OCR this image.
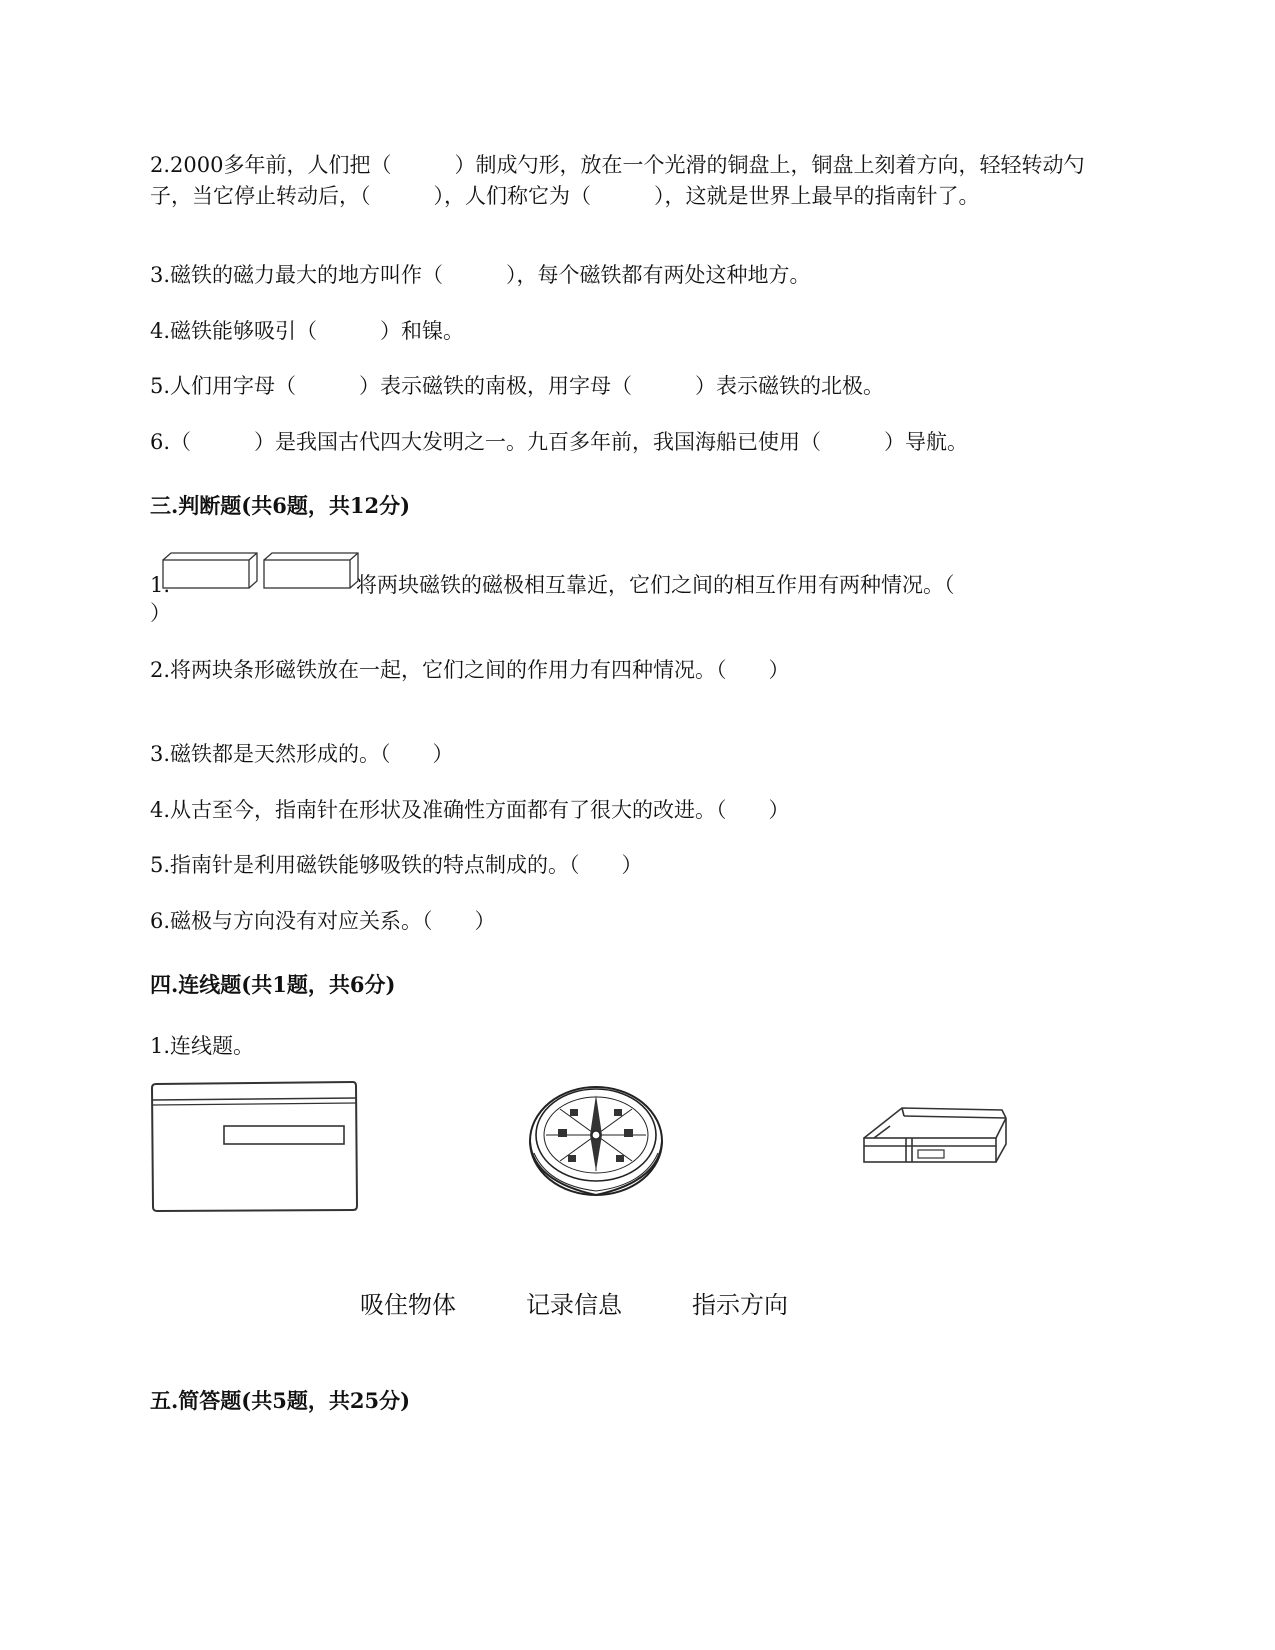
2.2000多年前，人们把（　　　）制成勺形，放在一个光滑的铜盘上，铜盘上刻着方向，轻轻转动勺子，当它停止转动后，（　　　），人们称它为（　　　），这就是世界上最早的指南针了。

3.磁铁的磁力最大的地方叫作（　　　），每个磁铁都有两处这种地方。

4.磁铁能够吸引（　　　）和镍。

5.人们用字母（　　　）表示磁铁的南极，用字母（　　　）表示磁铁的北极。

6.（　　　）是我国古代四大发明之一。九百多年前，我国海船已使用（　　　）导航。

三.判断题(共6题，共12分)

1.	将两块磁铁的磁极相互靠近，它们之间的相互作用有两种情况。（
）

2.将两块条形磁铁放在一起，它们之间的作用力有四种情况。（　　）

3.磁铁都是天然形成的。（　　）

4.从古至今，指南针在形状及准确性方面都有了很大的改进。（　　）

5.指南针是利用磁铁能够吸铁的特点制成的。（　　）

6.磁极与方向没有对应关系。（　　）

四.连线题(共1题，共6分)

1.连线题。

吸住物体	记录信息	指示方向

五.简答题(共5题，共25分)
